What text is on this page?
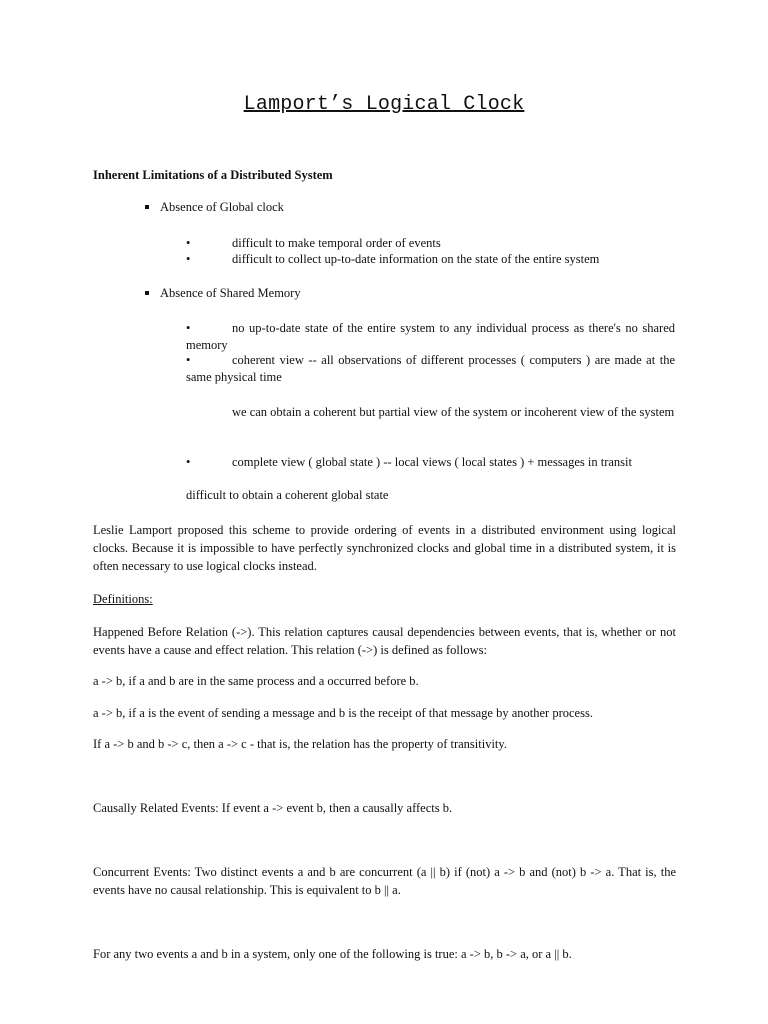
Lamport’s Logical Clock
Inherent Limitations of a Distributed System
Absence of Global clock
•	difficult to make temporal order of events
•	difficult to collect up-to-date information on the state of the entire system
Absence of Shared Memory
•	no up-to-date state of the entire system to any individual process as there's no shared memory
•	coherent view -- all observations of different processes ( computers ) are made at the same physical time
we can obtain a coherent but partial view of the system or incoherent view of the system
•	complete view ( global state ) -- local views ( local states ) + messages in transit
difficult to obtain a coherent global state
Leslie Lamport proposed this scheme to provide ordering of events in a distributed environment using logical clocks. Because it is impossible to have perfectly synchronized clocks and global time in a distributed system, it is often necessary to use logical clocks instead.
Definitions:
Happened Before Relation (->). This relation captures causal dependencies between events, that is, whether or not events have a cause and effect relation. This relation (->) is defined as follows:
a -> b, if a and b are in the same process and a occurred before b.
a -> b, if a is the event of sending a message and b is the receipt of that message by another process.
If a -> b and b -> c, then a -> c - that is, the relation has the property of transitivity.
Causally Related Events: If event a -> event b, then a causally affects b.
Concurrent Events: Two distinct events a and b are concurrent (a || b) if (not) a -> b and (not) b -> a. That is, the events have no causal relationship. This is equivalent to b || a.
For any two events a and b in a system, only one of the following is true: a -> b, b -> a, or a || b.
